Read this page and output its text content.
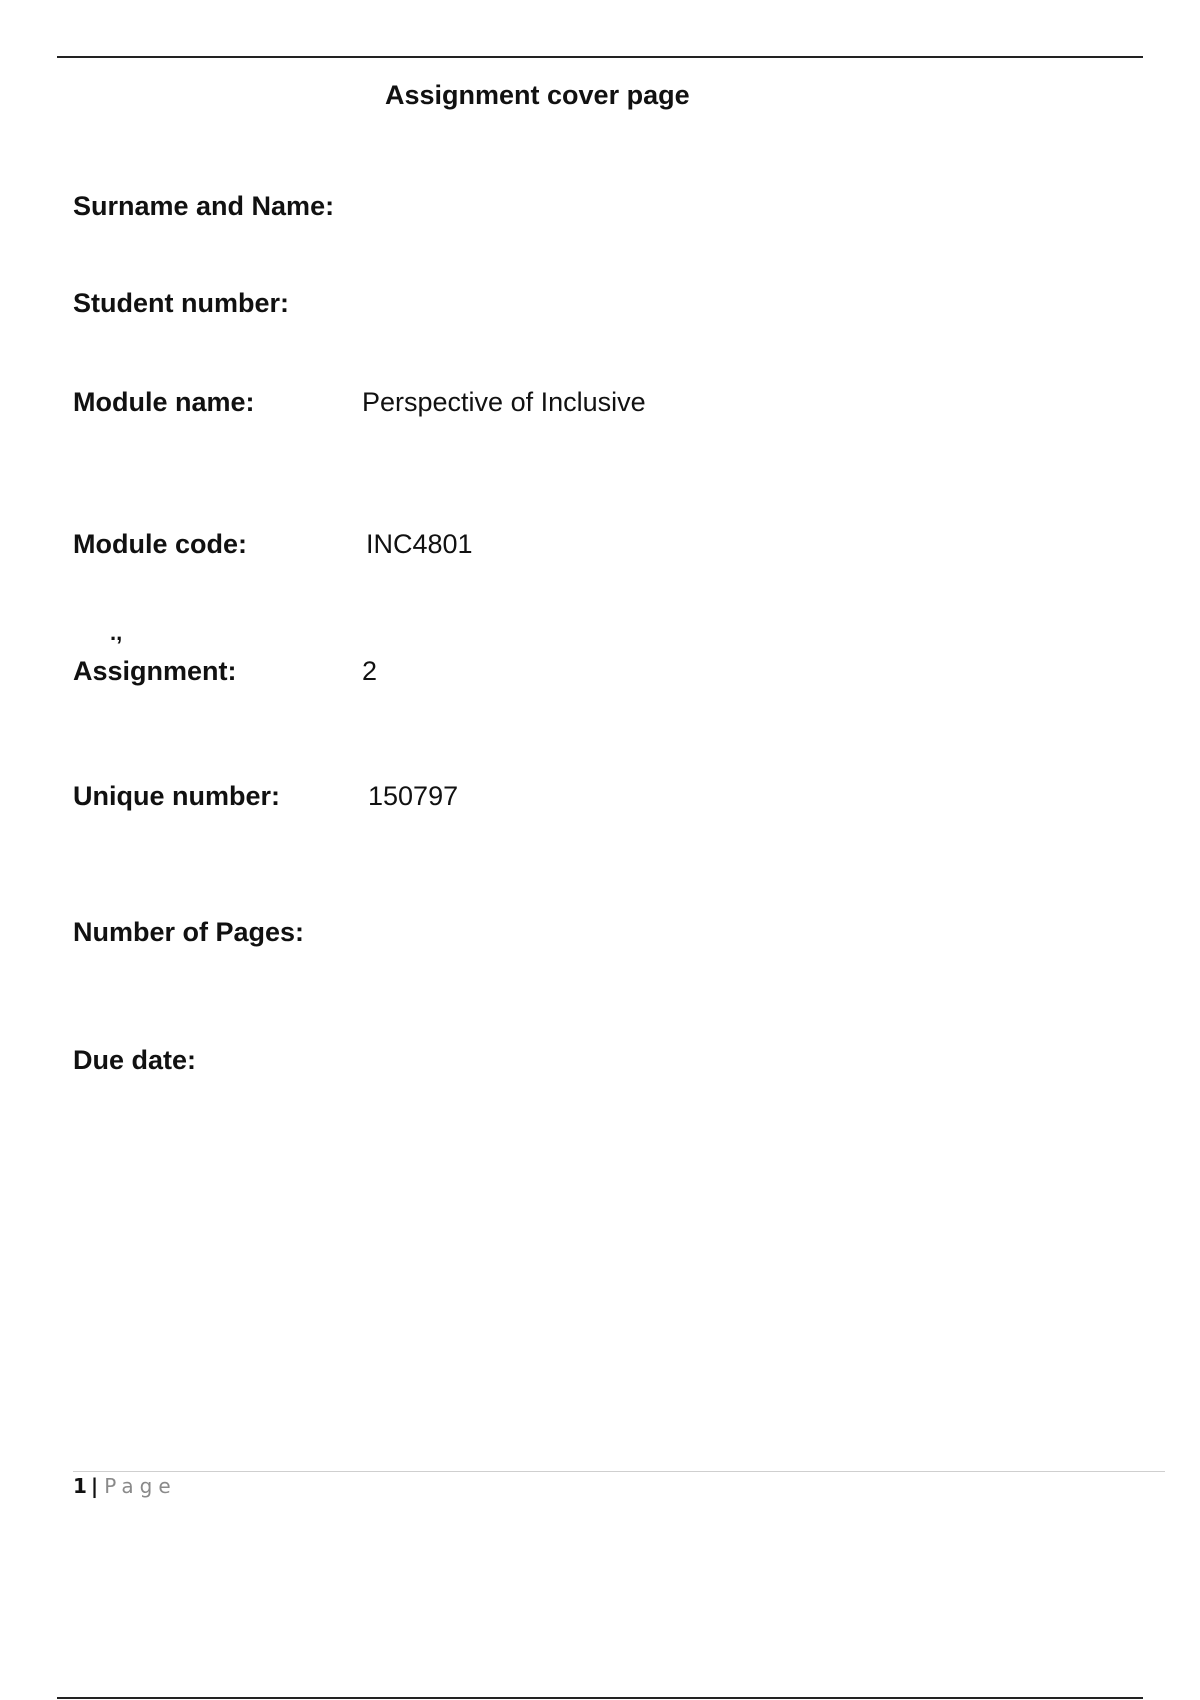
Assignment cover page
Surname and Name:
Student number:
Module name:	Perspective of Inclusive
Module code:	INC4801
.,
Assignment:	2
Unique number:	150797
Number of Pages:
Due date:
1 | Page
